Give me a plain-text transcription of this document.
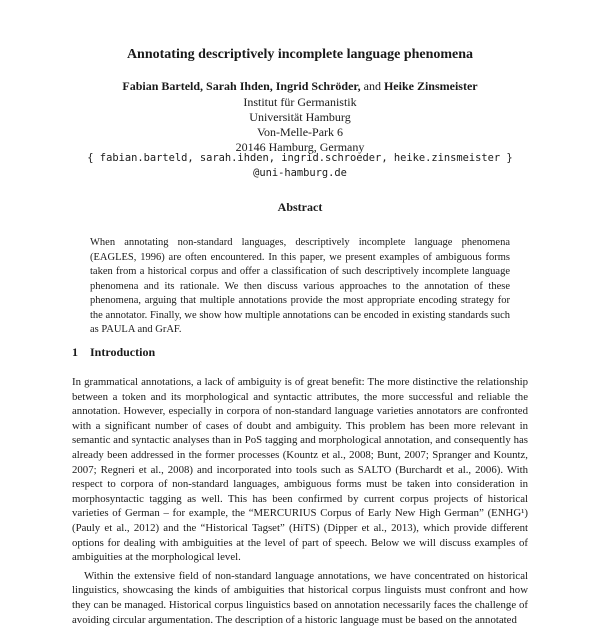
Annotating descriptively incomplete language phenomena
Fabian Barteld, Sarah Ihden, Ingrid Schröder, and Heike Zinsmeister
Institut für Germanistik
Universität Hamburg
Von-Melle-Park 6
20146 Hamburg, Germany
{ fabian.barteld, sarah.ihden, ingrid.schroeder, heike.zinsmeister }
@uni-hamburg.de
Abstract
When annotating non-standard languages, descriptively incomplete language phenomena (EAGLES, 1996) are often encountered. In this paper, we present examples of ambiguous forms taken from a historical corpus and offer a classification of such descriptively incomplete language phenomena and its rationale. We then discuss various approaches to the annotation of these phenomena, arguing that multiple annotations provide the most appropriate encoding strategy for the annotator. Finally, we show how multiple annotations can be encoded in existing standards such as PAULA and GrAF.
1 Introduction

In grammatical annotations, a lack of ambiguity is of great benefit: The more distinctive the relationship between a token and its morphological and syntactic attributes, the more successful and reliable the annotation. However, especially in corpora of non-standard language varieties annotators are confronted with a significant number of cases of doubt and ambiguity. This problem has been more relevant in semantic and syntactic analyses than in PoS tagging and morphological annotation, and consequently has already been addressed in the former processes (Kountz et al., 2008; Bunt, 2007; Spranger and Kountz, 2007; Regneri et al., 2008) and incorporated into tools such as SALTO (Burchardt et al., 2006). With respect to corpora of non-standard languages, ambiguous forms must be taken into consideration in morphosyntactic tagging as well. This has been confirmed by current corpus projects of historical varieties of German – for example, the “MERCURIUS Corpus of Early New High German” (ENHG¹) (Pauly et al., 2012) and the “Historical Tagset” (HiTS) (Dipper et al., 2013), which provide different options for dealing with ambiguities at the level of part of speech. Below we will discuss examples of ambiguities at the morphological level.

Within the extensive field of non-standard language annotations, we have concentrated on historical linguistics, showcasing the kinds of ambiguities that historical corpus linguists must confront and how they can be managed. Historical corpus linguistics based on annotation necessarily faces the challenge of avoiding circular argumentation. The description of a historic language must be based on the annotated
